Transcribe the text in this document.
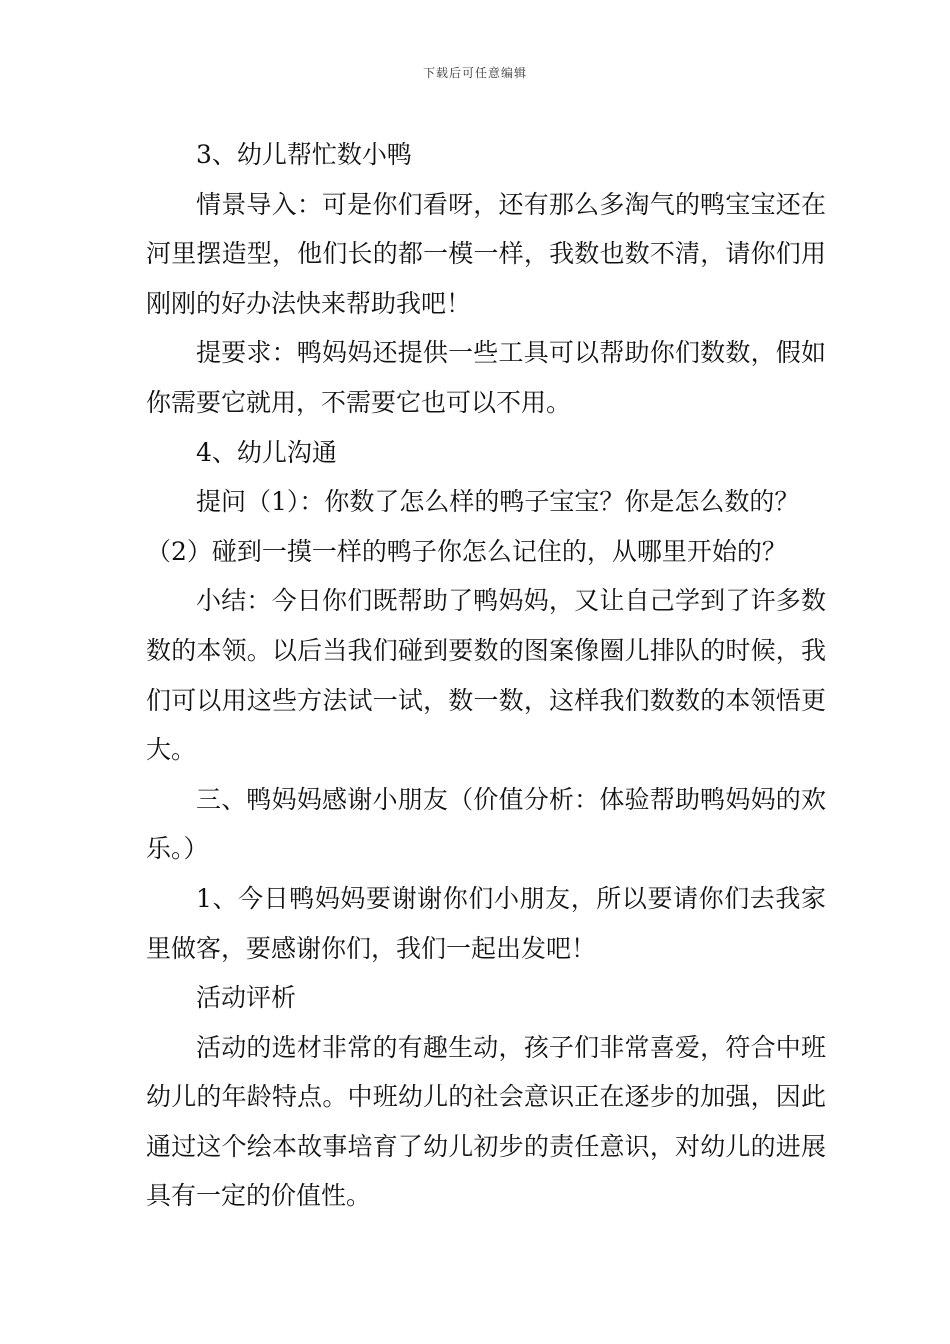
下载后可任意编辑

3、幼儿帮忙数小鸭

情景导入：可是你们看呀，还有那么多淘气的鸭宝宝还在河里摆造型，他们长的都一模一样，我数也数不清，请你们用刚刚的好办法快来帮助我吧！

提要求：鸭妈妈还提供一些工具可以帮助你们数数，假如你需要它就用，不需要它也可以不用。

4、幼儿沟通

提问（1）：你数了怎么样的鸭子宝宝？你是怎么数的？

（2）碰到一摸一样的鸭子你怎么记住的，从哪里开始的？

小结：今日你们既帮助了鸭妈妈，又让自己学到了许多数数的本领。以后当我们碰到要数的图案像圈儿排队的时候，我们可以用这些方法试一试，数一数，这样我们数数的本领悟更大。

三、鸭妈妈感谢小朋友（价值分析：体验帮助鸭妈妈的欢乐。）

1、今日鸭妈妈要谢谢你们小朋友，所以要请你们去我家里做客，要感谢你们，我们一起出发吧！

活动评析

活动的选材非常的有趣生动，孩子们非常喜爱，符合中班幼儿的年龄特点。中班幼儿的社会意识正在逐步的加强，因此通过这个绘本故事培育了幼儿初步的责任意识，对幼儿的进展具有一定的价值性。
